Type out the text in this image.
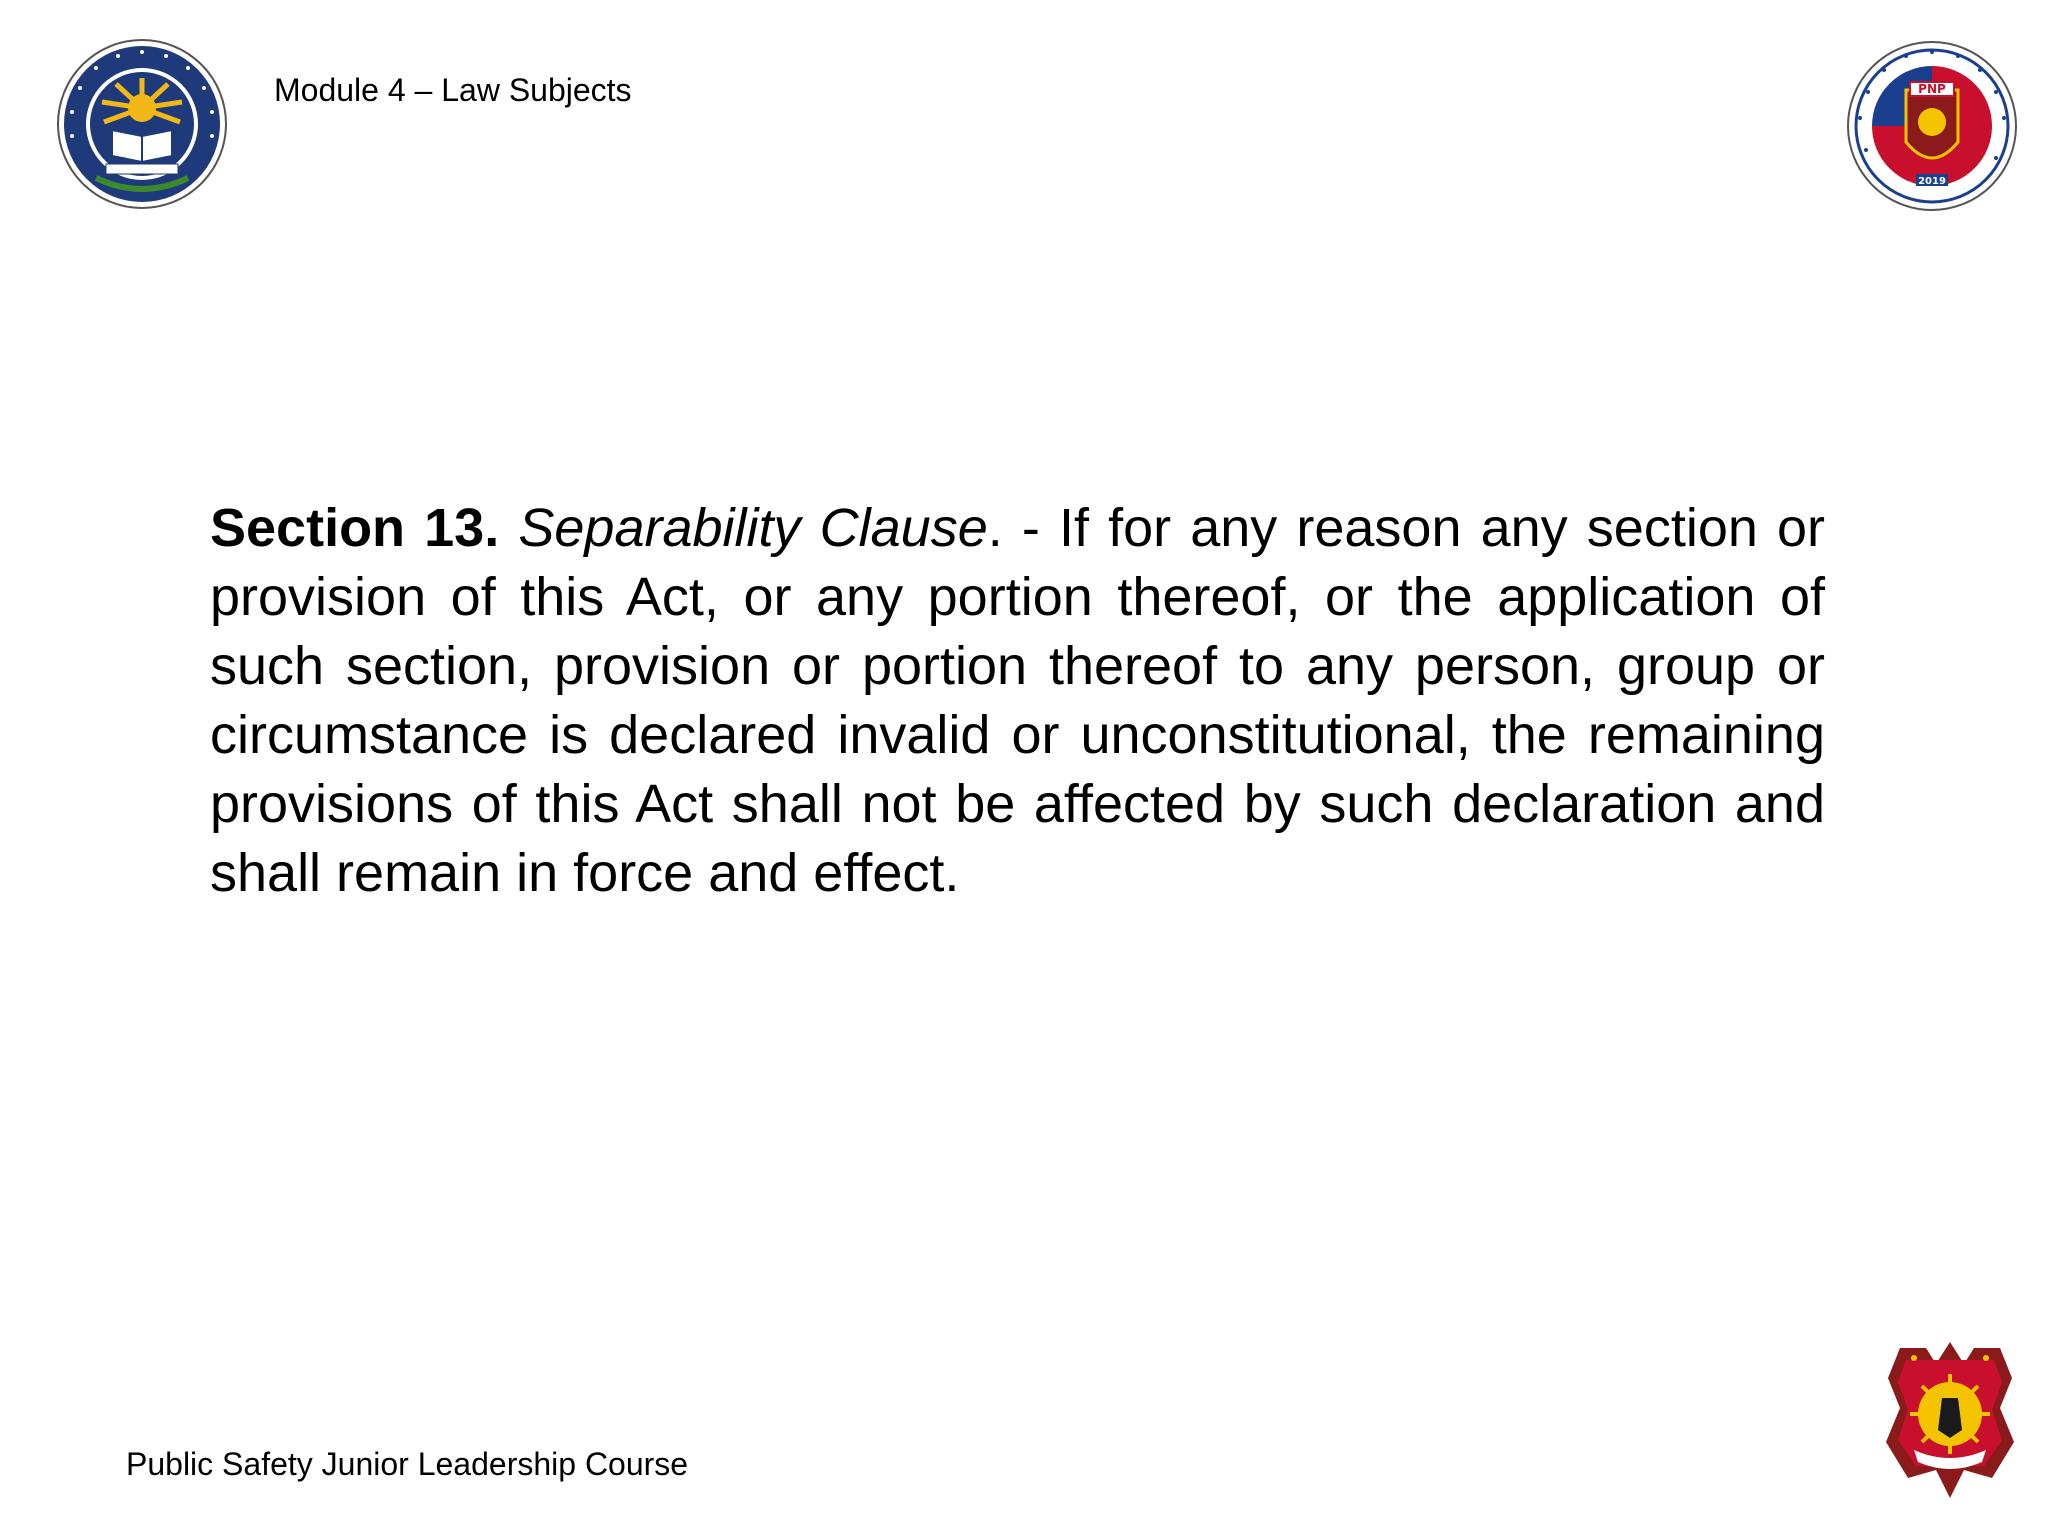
Module 4 – Law Subjects	PNP
2019
Section 13. Separability Clause. - If for any reason any section or provision of this Act, or any portion thereof, or the application of such section, provision or portion thereof to any person, group or circumstance is declared invalid or unconstitutional, the remaining provisions of this Act shall not be affected by such declaration and shall remain in force and effect.
Public Safety Junior Leadership Course
